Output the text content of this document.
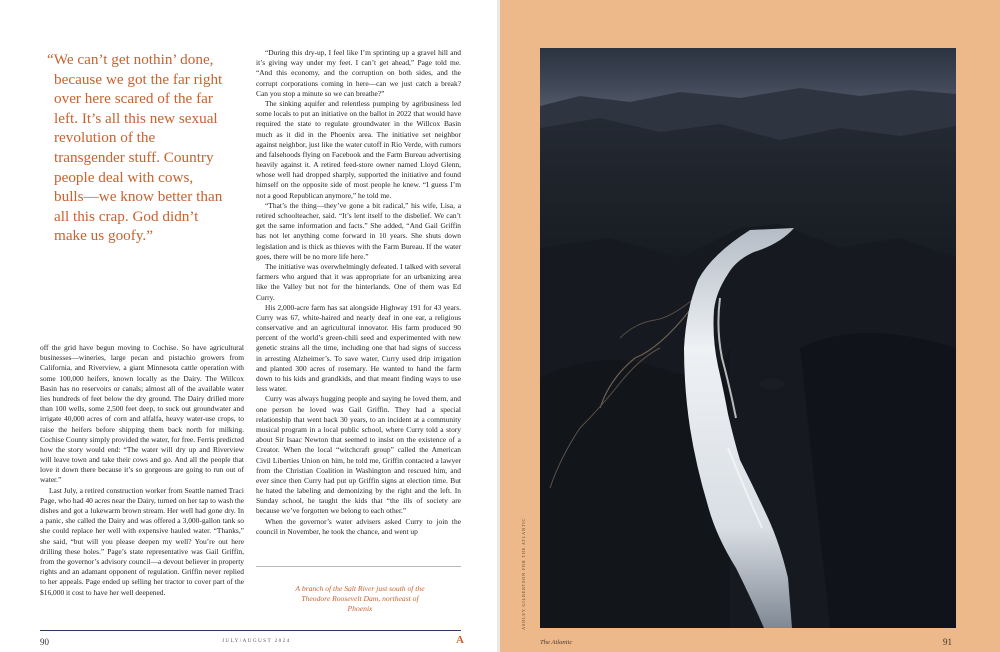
“We can’t get nothin’ done, because we got the far right over here scared of the far left. It’s all this new sexual revolution of the transgender stuff. Country people deal with cows, bulls—we know better than all this crap. God didn’t make us goofy.”

off the grid have begun moving to Cochise. So have agricultural businesses—wineries, large pecan and pistachio growers from California, and Riverview, a giant Minnesota cattle operation with some 100,000 heifers, known locally as the Dairy. The Willcox Basin has no reservoirs or canals; almost all of the available water lies hundreds of feet below the dry ground. The Dairy drilled more than 100 wells, some 2,500 feet deep, to suck out groundwater and irrigate 40,000 acres of corn and alfalfa, heavy water-use crops, to raise the heifers before shipping them back north for milking. Cochise County simply provided the water, for free. Ferris predicted how the story would end: “The water will dry up and Riverview will leave town and take their cows and go. And all the people that love it down there because it’s so gorgeous are going to run out of water.”

Last July, a retired construction worker from Seattle named Traci Page, who had 40 acres near the Dairy, turned on her tap to wash the dishes and got a lukewarm brown stream. Her well had gone dry. In a panic, she called the Dairy and was offered a 3,000-gallon tank so she could replace her well with expensive hauled water. “Thanks,” she said, “but will you please deepen my well? You’re out here drilling these holes.” Page’s state representative was Gail Griffin, from the governor’s advisory council—a devout believer in property rights and an adamant opponent of regulation. Griffin never replied to her appeals. Page ended up selling her tractor to cover part of the $16,000 it cost to have her well deepened.

“During this dry-up, I feel like I’m sprinting up a gravel hill and it’s giving way under my feet. I can’t get ahead,” Page told me. “And this economy, and the corruption on both sides, and the corrupt corporations coming in here—can we just catch a break? Can you stop a minute so we can breathe?”

The sinking aquifer and relentless pumping by agribusiness led some locals to put an initiative on the ballot in 2022 that would have required the state to regulate groundwater in the Willcox Basin much as it did in the Phoenix area. The initiative set neighbor against neighbor, just like the water cutoff in Rio Verde, with rumors and falsehoods flying on Facebook and the Farm Bureau advertising heavily against it. A retired feed-store owner named Lloyd Glenn, whose well had dropped sharply, supported the initiative and found himself on the opposite side of most people he knew. “I guess I’m not a good Republican anymore,” he told me.

“That’s the thing—they’ve gone a bit radical,” his wife, Lisa, a retired schoolteacher, said. “It’s lent itself to the disbelief. We can’t get the same information and facts.” She added, “And Gail Griffin has not let anything come forward in 10 years. She shuts down legislation and is thick as thieves with the Farm Bureau. If the water goes, there will be no more life here.”

The initiative was overwhelmingly defeated. I talked with several farmers who argued that it was appropriate for an urbanizing area like the Valley but not for the hinterlands. One of them was Ed Curry.

His 2,000-acre farm has sat alongside Highway 191 for 43 years. Curry was 67, white-haired and nearly deaf in one ear, a religious conservative and an agricultural innovator. His farm produced 90 percent of the world’s green-chili seed and experimented with new genetic strains all the time, including one that had signs of success in arresting Alzheimer’s. To save water, Curry used drip irrigation and planted 300 acres of rosemary. He wanted to hand the farm down to his kids and grandkids, and that meant finding ways to use less water.

Curry was always hugging people and saying he loved them, and one person he loved was Gail Griffin. They had a special relationship that went back 30 years, to an incident at a community musical program in a local public school, where Curry told a story about Sir Isaac Newton that seemed to insist on the existence of a Creator. When the local “witchcraft group” called the American Civil Liberties Union on him, he told me, Griffin contacted a lawyer from the Christian Coalition in Washington and rescued him, and ever since then Curry had put up Griffin signs at election time. But he hated the labeling and demonizing by the right and the left. In Sunday school, he taught the kids that “the ills of society are because we’ve forgotten we belong to each other.”

When the governor’s water advisers asked Curry to join the council in November, he took the chance, and went up

A branch of the Salt River just south of the Theodore Roosevelt Dam, northeast of Phoenix
90	JULY/AUGUST 2024	A
ASHLEY GILBERTSON FOR THE ATLANTIC
The Atlantic	91
